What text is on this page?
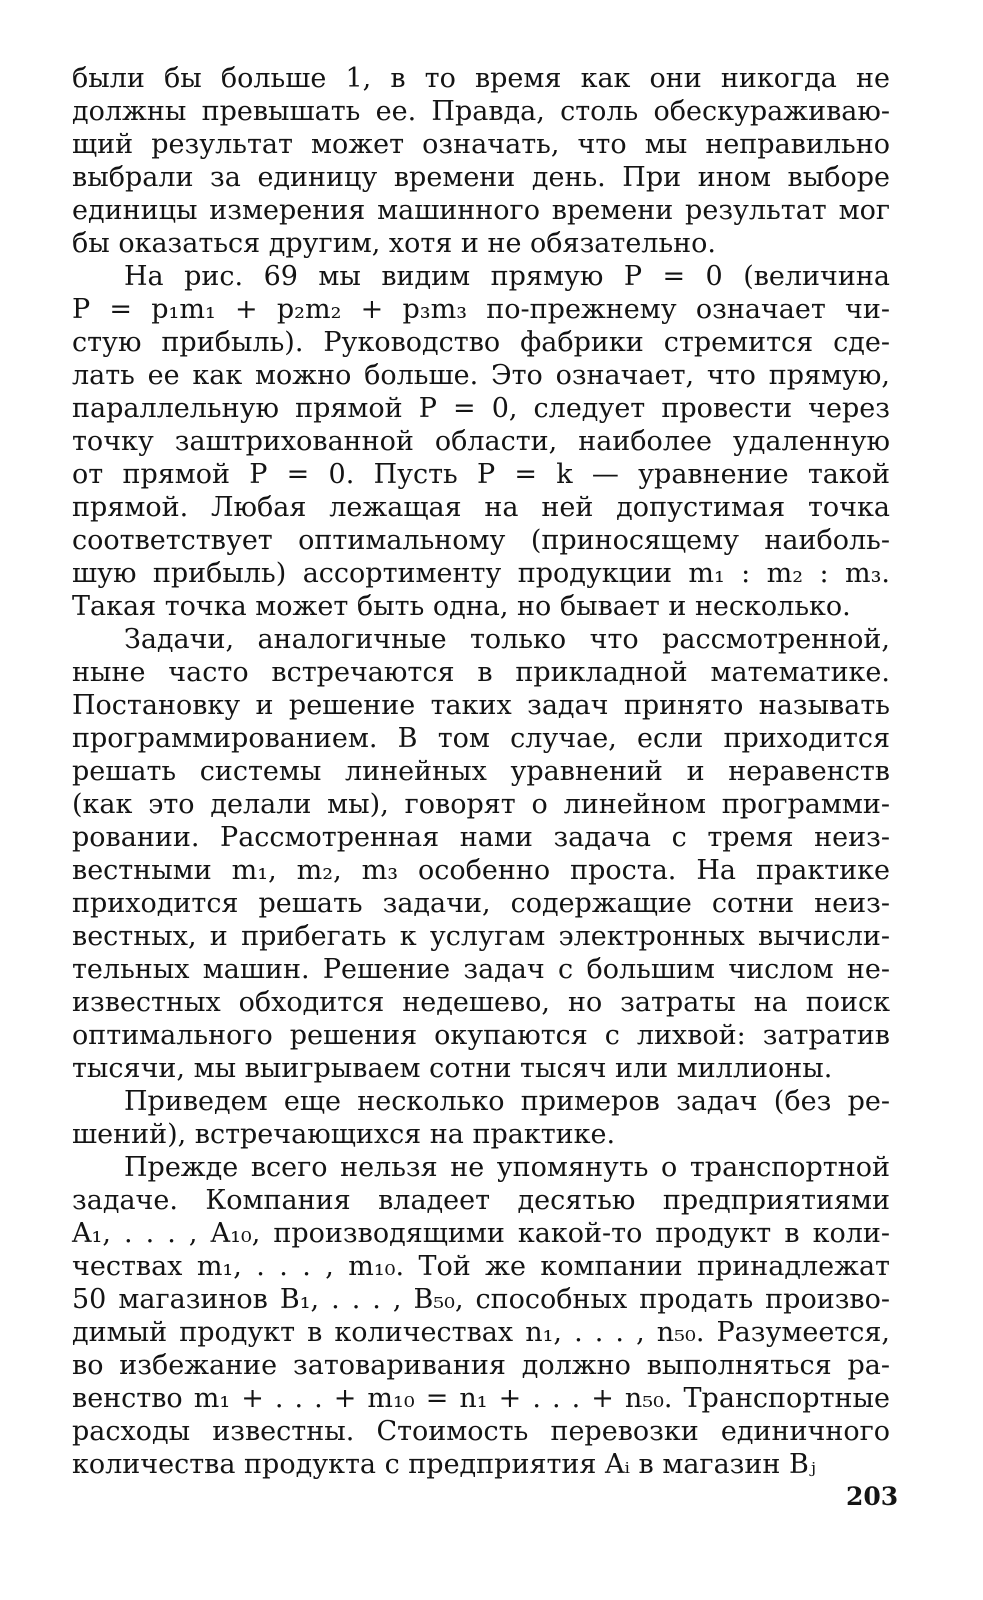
были бы больше 1, в то время как они никогда не
должны превышать ее. Правда, столь обескураживаю-
щий результат может означать, что мы неправильно
выбрали за единицу времени день. При ином выборе
единицы измерения машинного времени результат мог
бы оказаться другим, хотя и не обязательно.
На рис. 69 мы видим прямую P = 0 (величина
P = p₁m₁ + p₂m₂ + p₃m₃ по-прежнему означает чи-
стую прибыль). Руководство фабрики стремится сде-
лать ее как можно больше. Это означает, что прямую,
параллельную прямой P = 0, следует провести через
точку заштрихованной области, наиболее удаленную
от прямой P = 0. Пусть P = k — уравнение такой
прямой. Любая лежащая на ней допустимая точка
соответствует оптимальному (приносящему наиболь-
шую прибыль) ассортименту продукции m₁ : m₂ : m₃.
Такая точка может быть одна, но бывает и несколько.
Задачи, аналогичные только что рассмотренной,
ныне часто встречаются в прикладной математике.
Постановку и решение таких задач принято называть
программированием. В том случае, если приходится
решать системы линейных уравнений и неравенств
(как это делали мы), говорят о линейном программи-
ровании. Рассмотренная нами задача с тремя неиз-
вестными m₁, m₂, m₃ особенно проста. На практике
приходится решать задачи, содержащие сотни неиз-
вестных, и прибегать к услугам электронных вычисли-
тельных машин. Решение задач с большим числом не-
известных обходится недешево, но затраты на поиск
оптимального решения окупаются с лихвой: затратив
тысячи, мы выигрываем сотни тысяч или миллионы.
Приведем еще несколько примеров задач (без ре-
шений), встречающихся на практике.
Прежде всего нельзя не упомянуть о транспортной
задаче. Компания владеет десятью предприятиями
A₁, . . . , A₁₀, производящими какой-то продукт в коли-
чествах m₁, . . . , m₁₀. Той же компании принадлежат
50 магазинов B₁, . . . , B₅₀, способных продать произво-
димый продукт в количествах n₁, . . . , n₅₀. Разумеется,
во избежание затоваривания должно выполняться ра-
венство m₁ + . . . + m₁₀ = n₁ + . . . + n₅₀. Транспортные
расходы известны. Стоимость перевозки единичного
количества продукта с предприятия Aᵢ в магазин Bⱼ
203
